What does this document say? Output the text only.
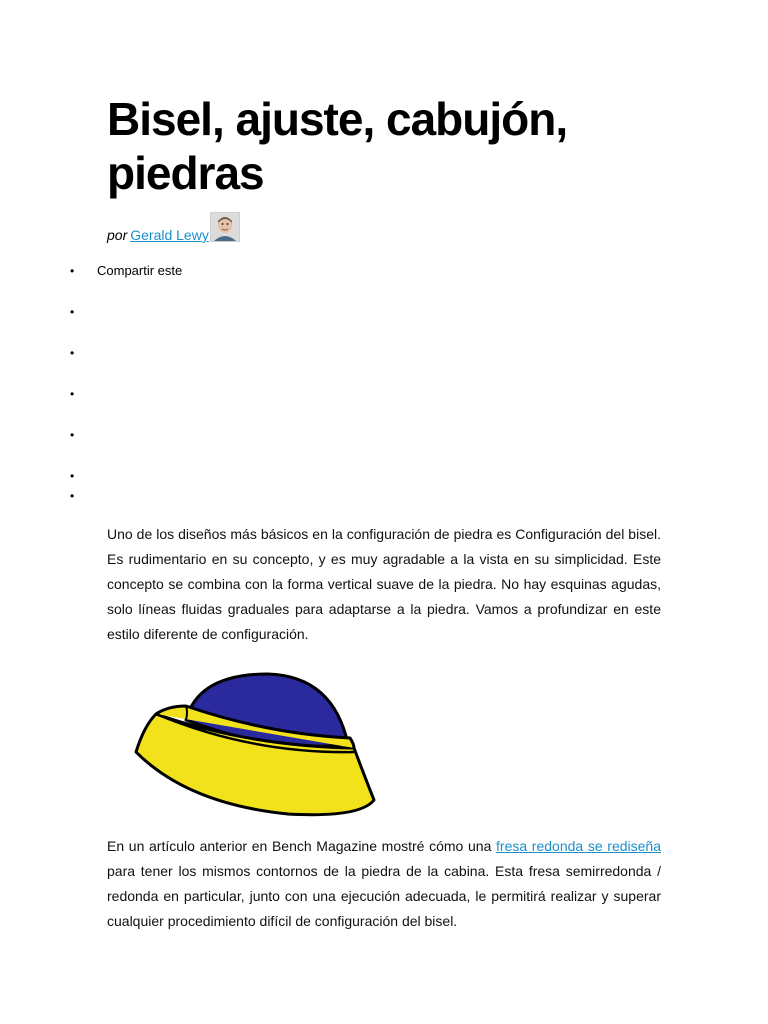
Bisel, ajuste, cabujón, piedras
por Gerald Lewy
• Compartir este
•
•
•
•
•
•

Uno de los diseños más básicos en la configuración de piedra es Configuración del bisel. Es rudimentario en su concepto, y es muy agradable a la vista en su simplicidad. Este concepto se combina con la forma vertical suave de la piedra. No hay esquinas agudas, solo líneas fluidas graduales para adaptarse a la piedra. Vamos a profundizar en este estilo diferente de configuración.

En un artículo anterior en Bench Magazine mostré cómo una fresa redonda se rediseña para tener los mismos contornos de la piedra de la cabina. Esta fresa semirredonda / redonda en particular, junto con una ejecución adecuada, le permitirá realizar y superar cualquier procedimiento difícil de configuración del bisel.
